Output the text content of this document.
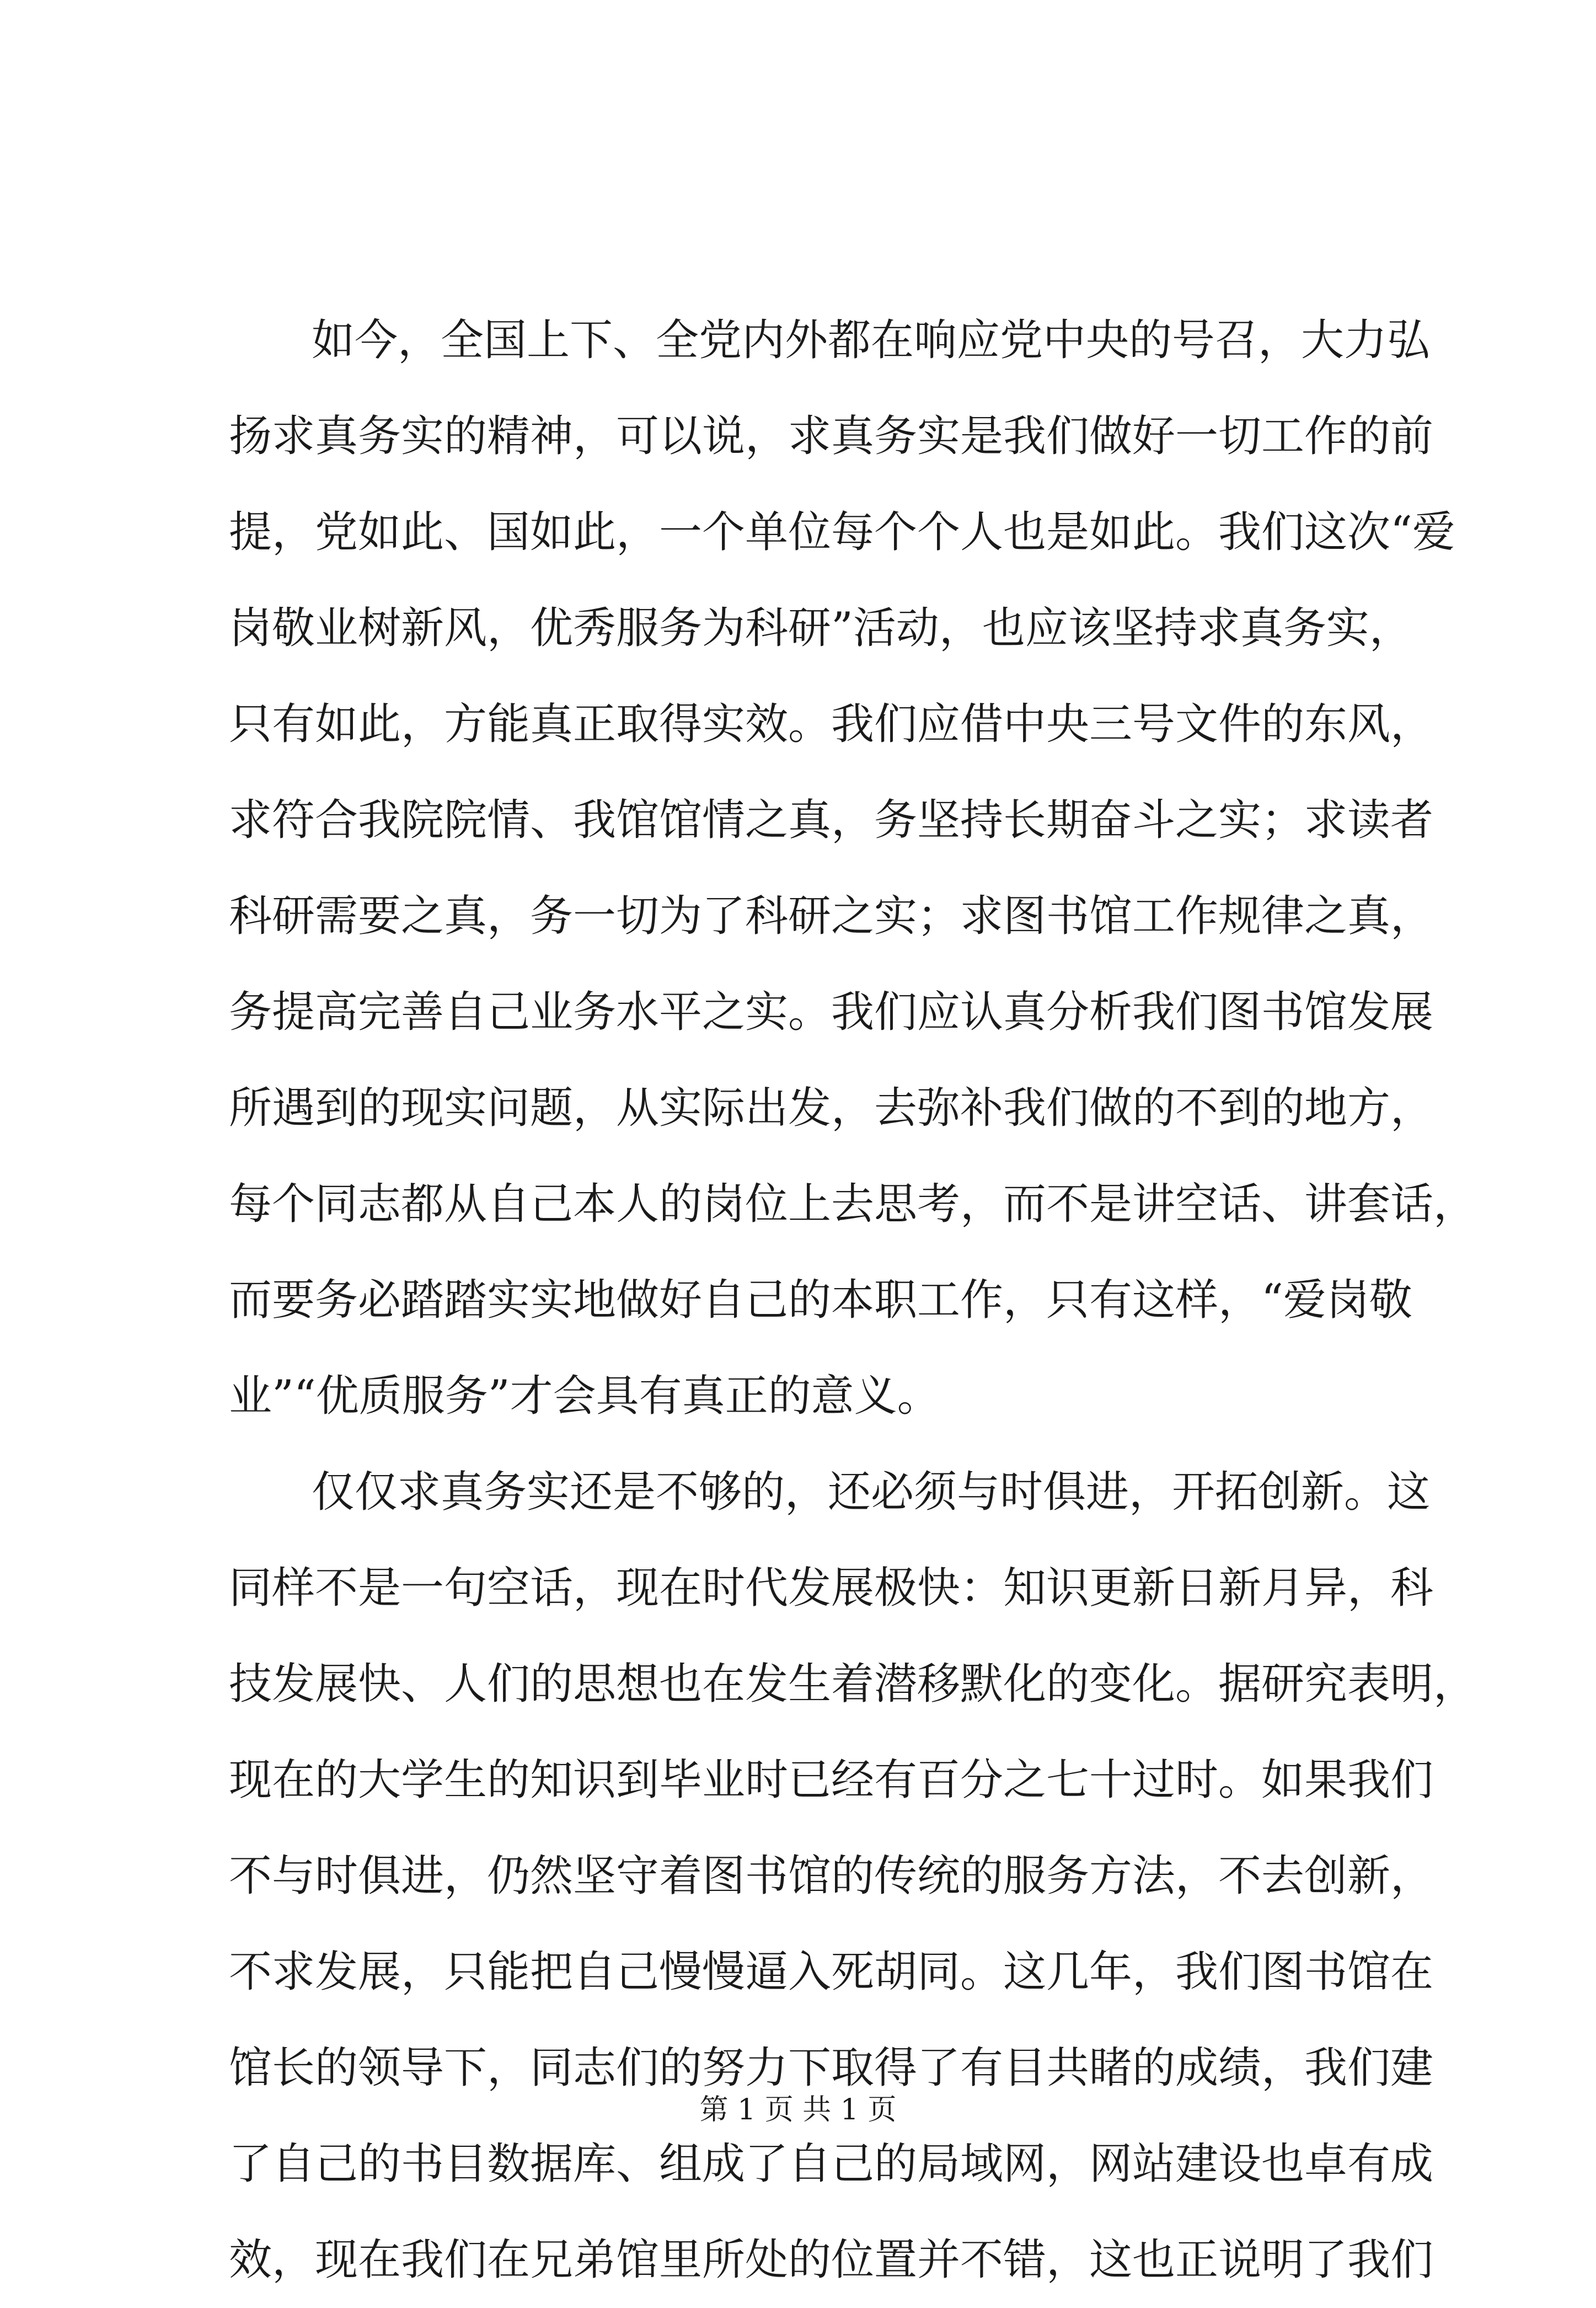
如今，全国上下、全党内外都在响应党中央的号召，大力弘
扬求真务实的精神，可以说，求真务实是我们做好一切工作的前
提，党如此、国如此，一个单位每个个人也是如此。我们这次“爱
岗敬业树新风，优秀服务为科研”活动，也应该坚持求真务实，
只有如此，方能真正取得实效。我们应借中央三号文件的东风，
求符合我院院情、我馆馆情之真，务坚持长期奋斗之实；求读者
科研需要之真，务一切为了科研之实；求图书馆工作规律之真，
务提高完善自己业务水平之实。我们应认真分析我们图书馆发展
所遇到的现实问题，从实际出发，去弥补我们做的不到的地方，
每个同志都从自己本人的岗位上去思考，而不是讲空话、讲套话，
而要务必踏踏实实地做好自己的本职工作，只有这样，“爱岗敬
业”“优质服务”才会具有真正的意义。
仅仅求真务实还是不够的，还必须与时俱进，开拓创新。这
同样不是一句空话，现在时代发展极快：知识更新日新月异，科
技发展快、人们的思想也在发生着潜移默化的变化。据研究表明，
现在的大学生的知识到毕业时已经有百分之七十过时。如果我们
不与时俱进，仍然坚守着图书馆的传统的服务方法，不去创新，
不求发展，只能把自己慢慢逼入死胡同。这几年，我们图书馆在
馆长的领导下，同志们的努力下取得了有目共睹的成绩，我们建
了自己的书目数据库、组成了自己的局域网，网站建设也卓有成
效，现在我们在兄弟馆里所处的位置并不错，这也正说明了我们
第 1 页 共 1 页
